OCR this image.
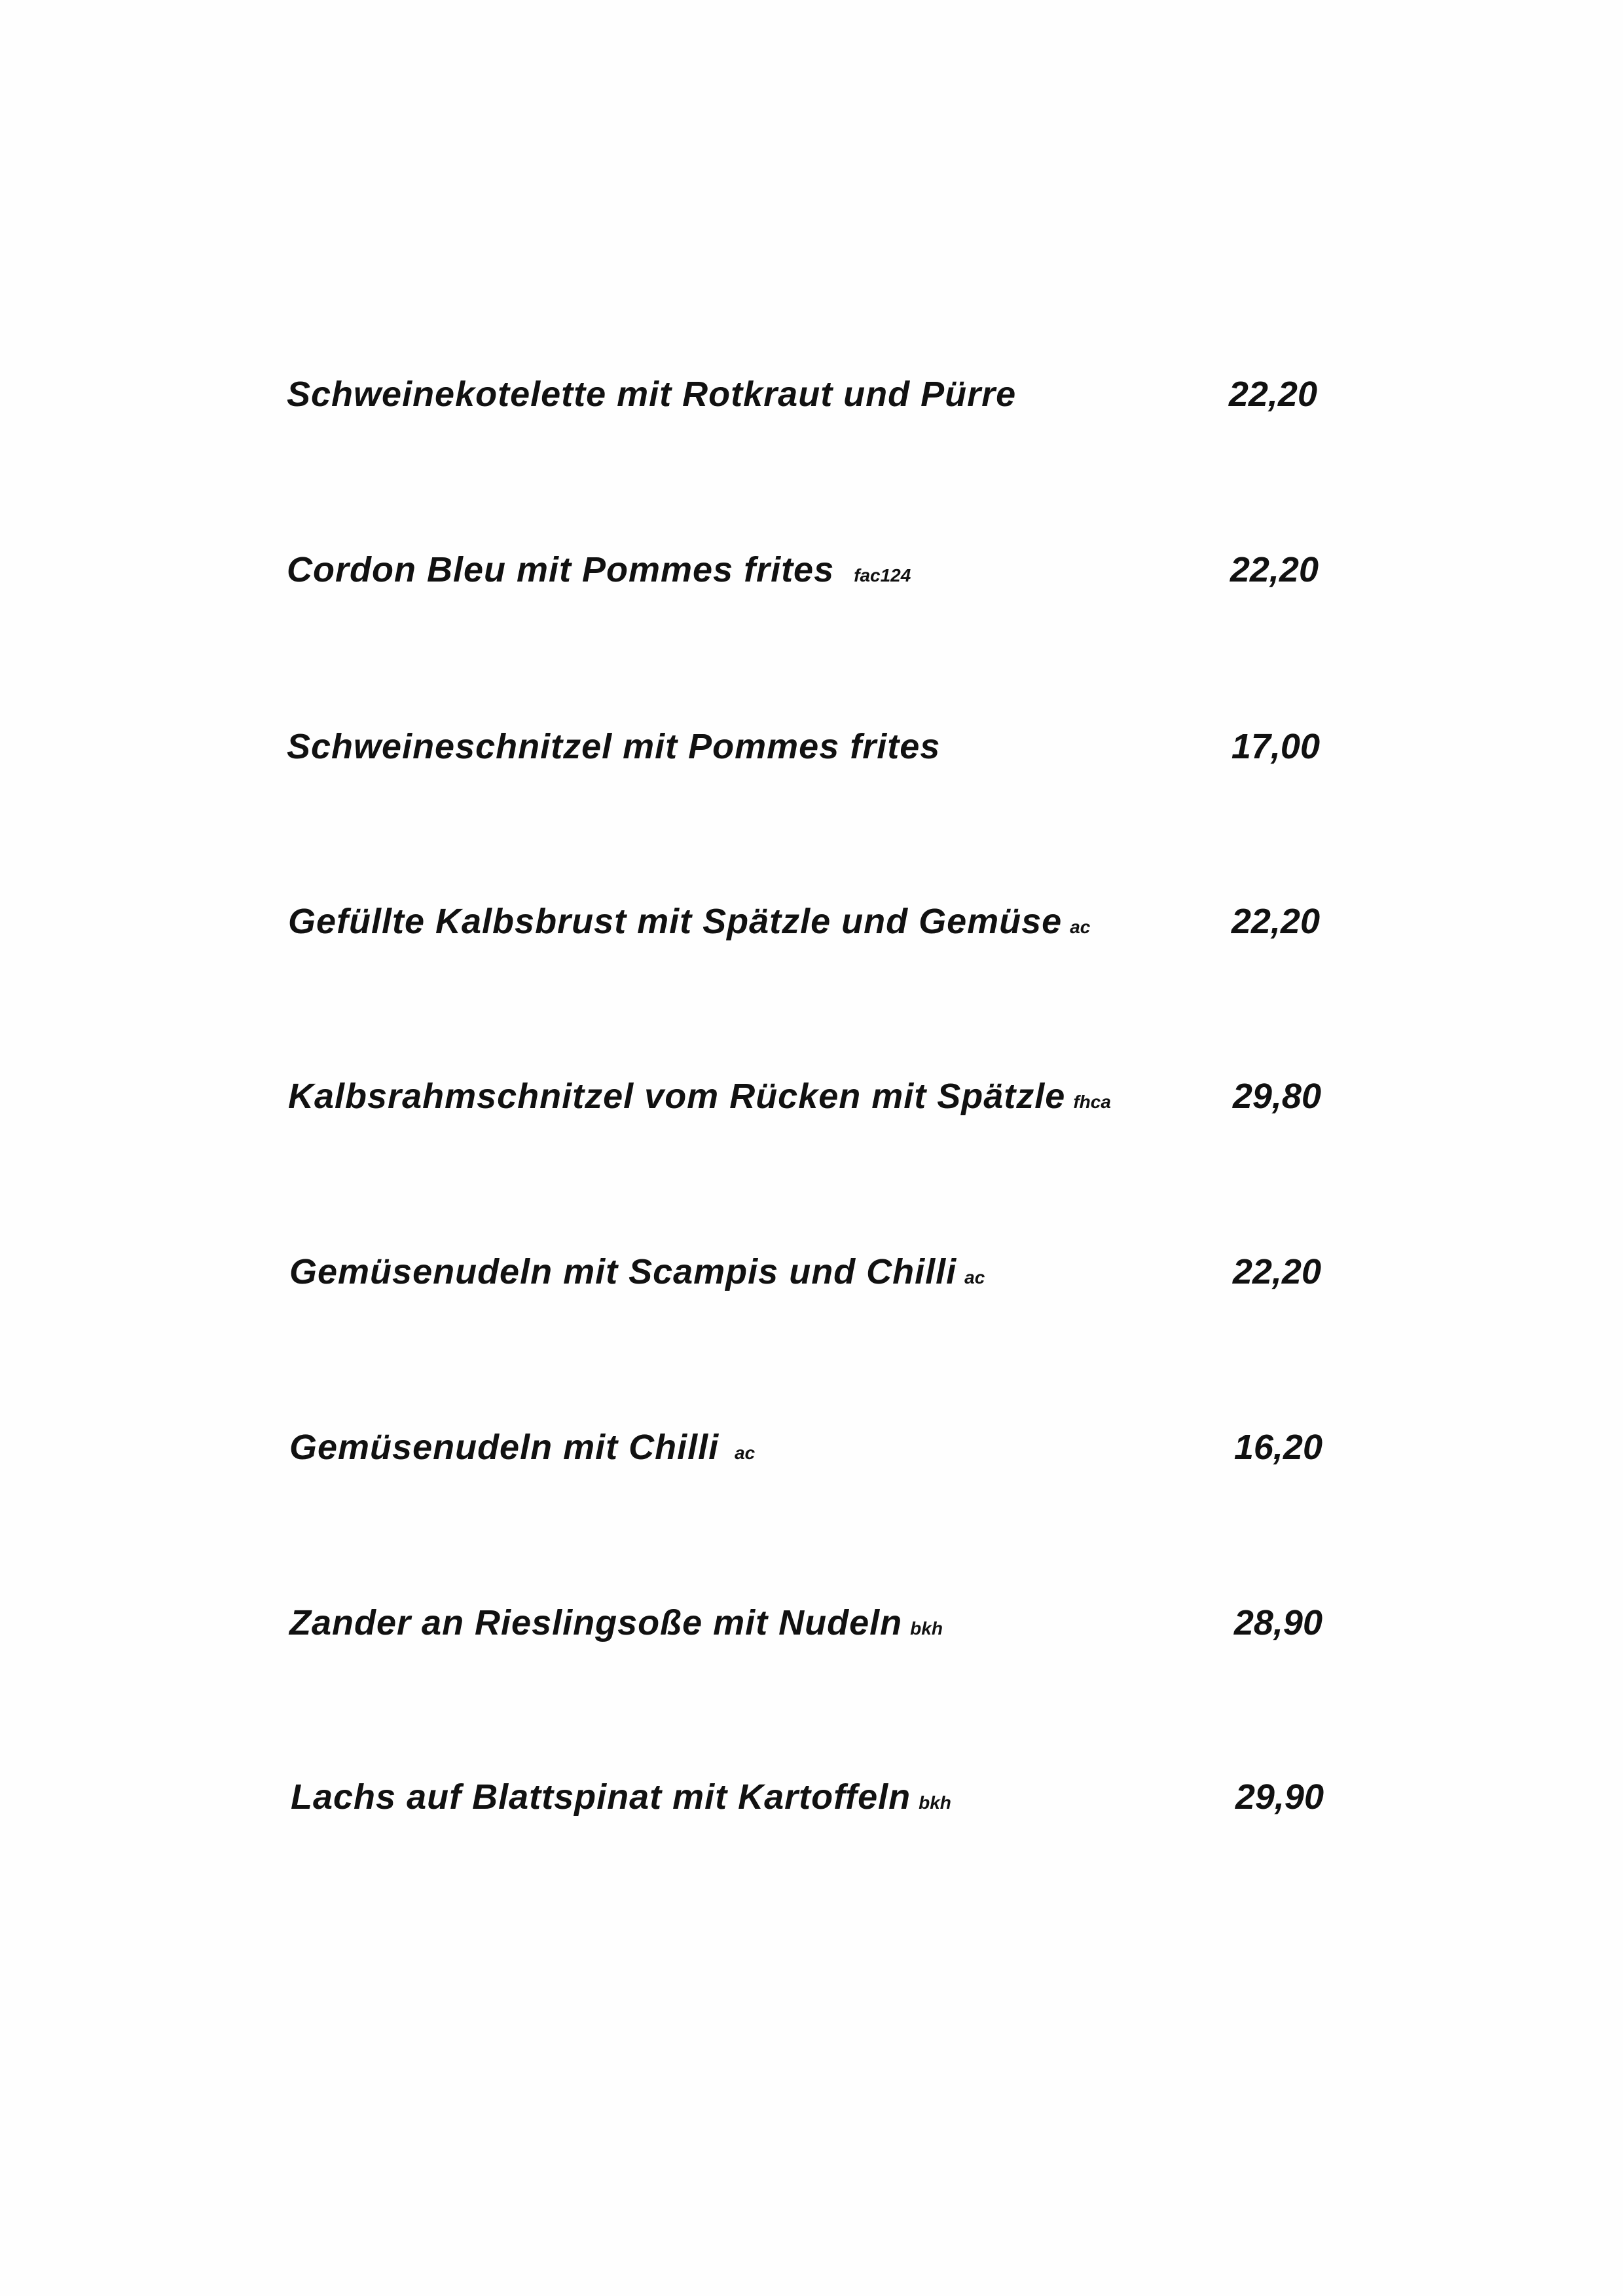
Schweinekotelette mit Rotkraut und Pürre	22,20
Cordon Bleu mit Pommes frites fac124	22,20
Schweineschnitzel mit Pommes frites	17,00
Gefüllte Kalbsbrust mit Spätzle und Gemüse ac	22,20
Kalbsrahmschnitzel vom Rücken mit Spätzle fhca	29,80
Gemüsenudeln mit Scampis und Chilli ac	22,20
Gemüsenudeln mit Chilli ac	16,20
Zander an Rieslingsoße mit Nudeln bkh	28,90
Lachs auf Blattspinat mit Kartoffeln bkh	29,90
